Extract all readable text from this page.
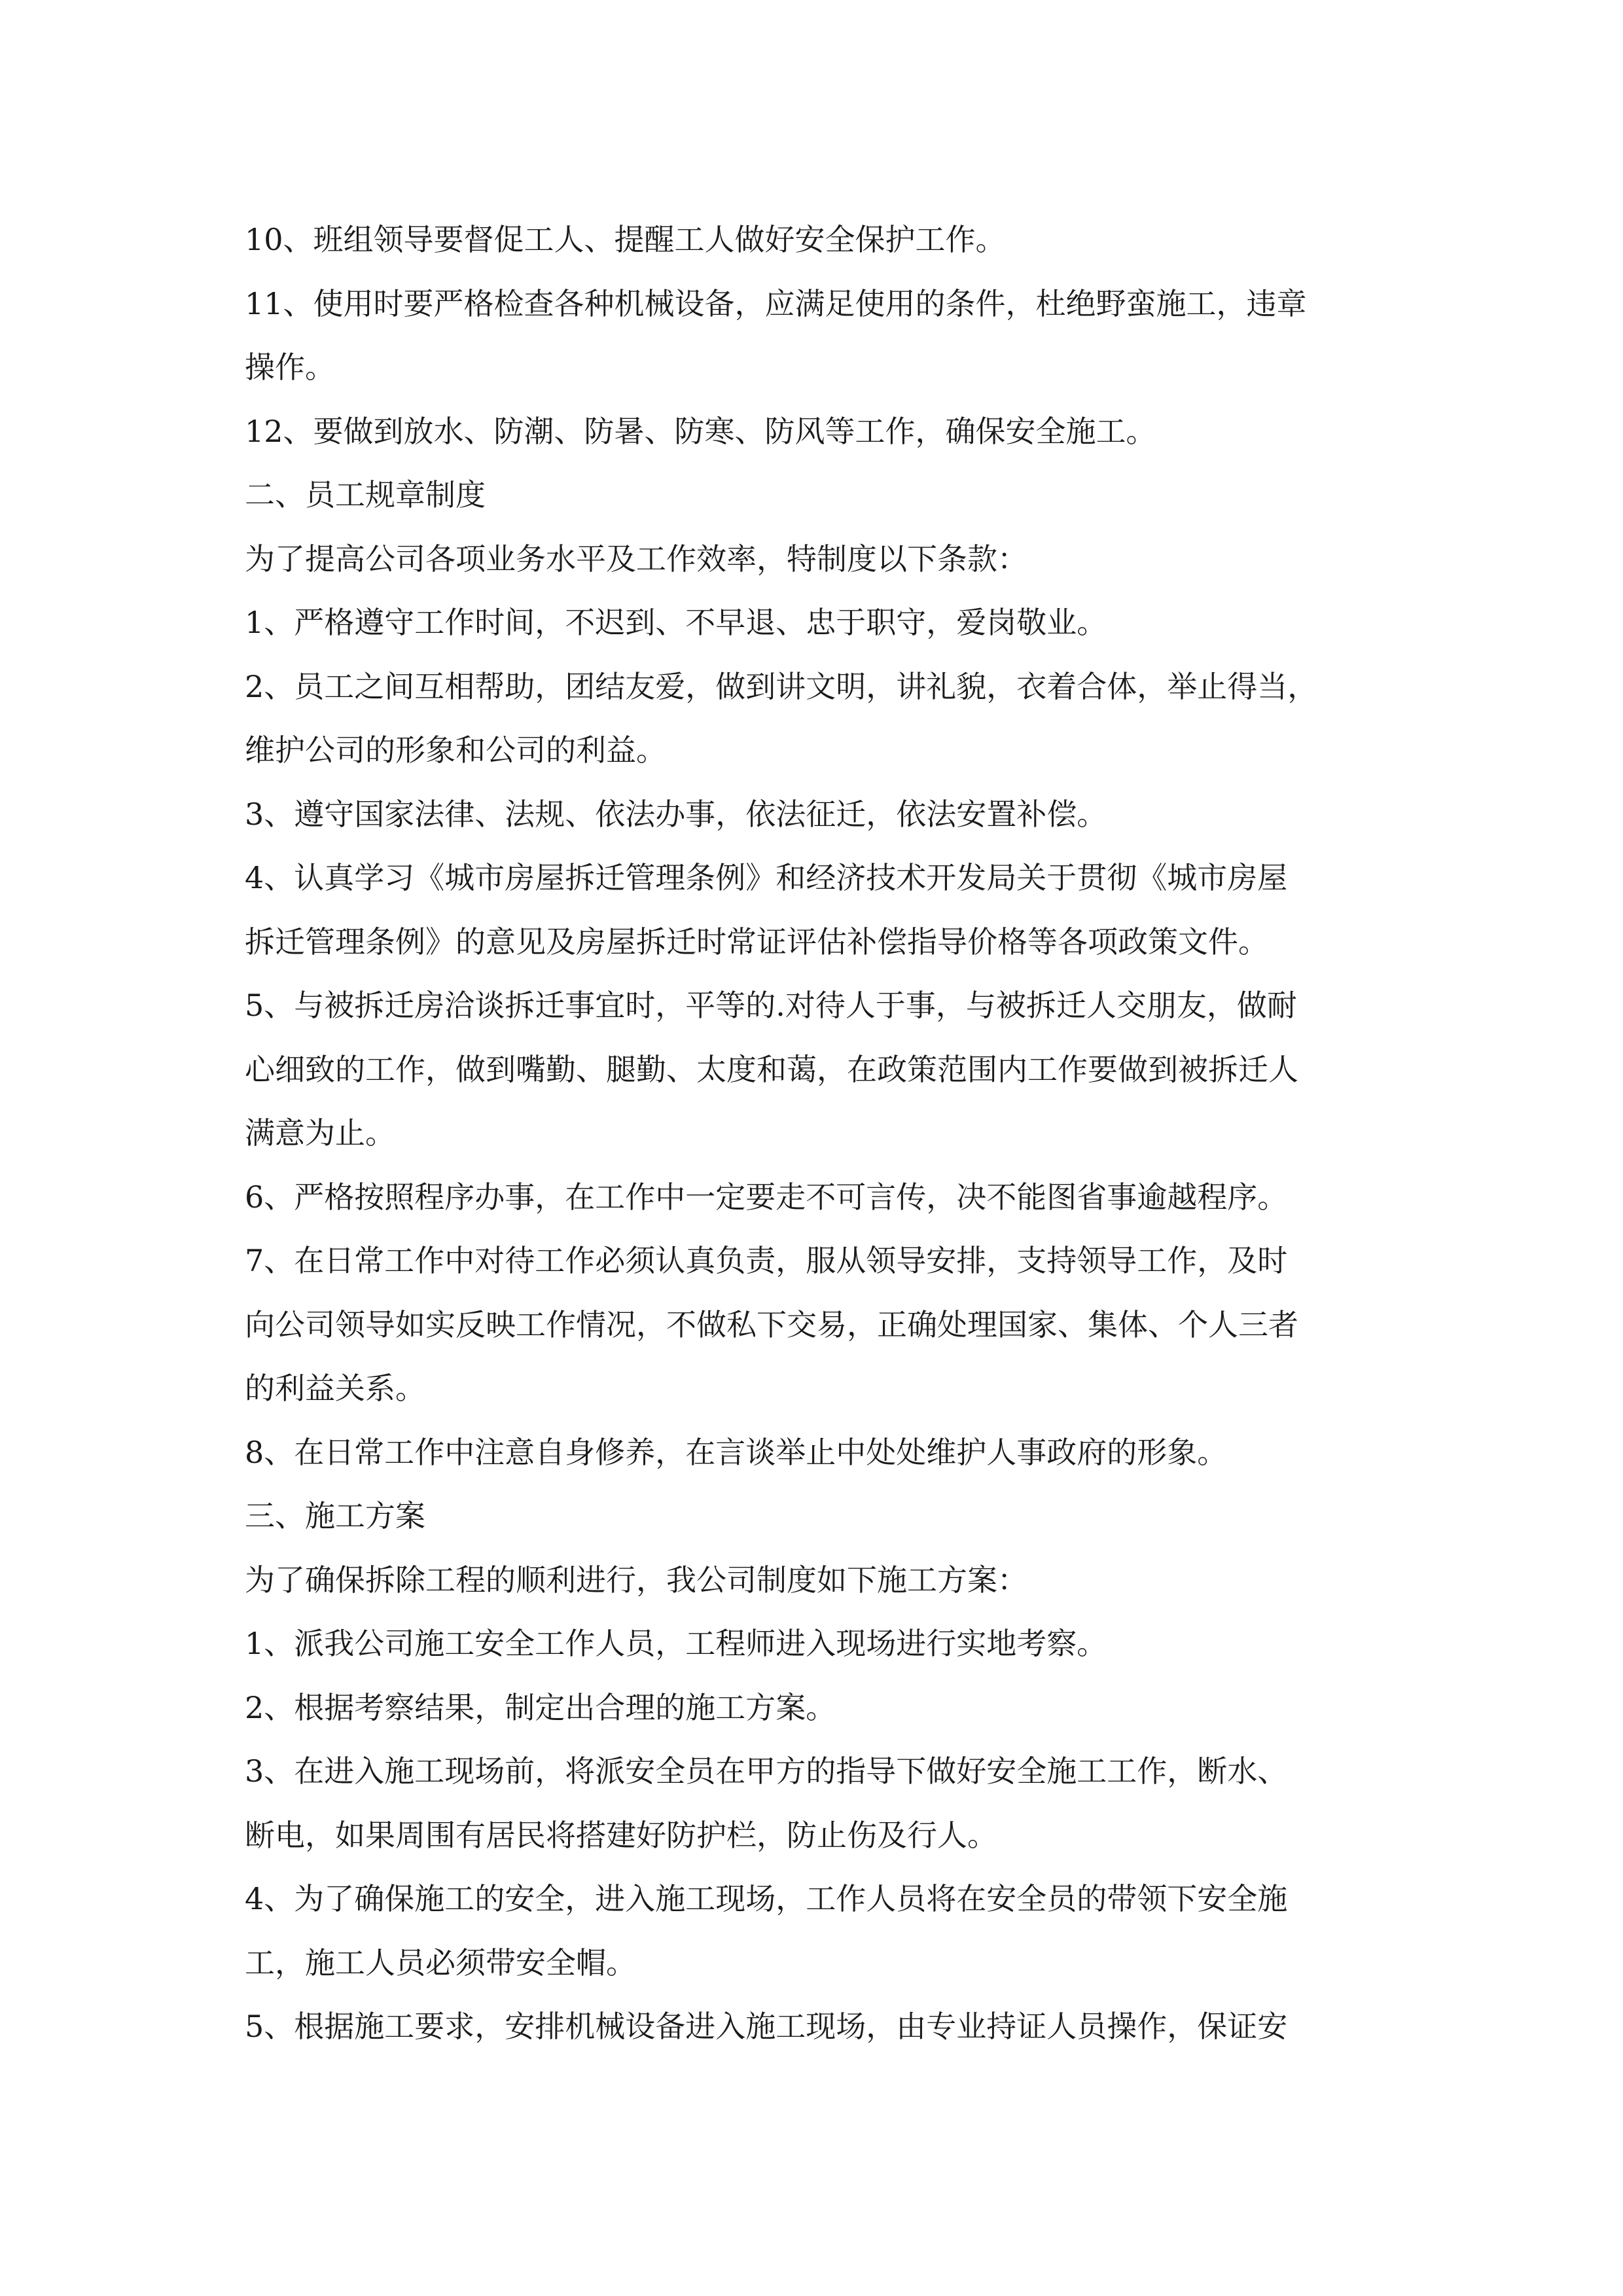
10、班组领导要督促工人、提醒工人做好安全保护工作。
11、使用时要严格检查各种机械设备，应满足使用的条件，杜绝野蛮施工，违章
操作。
12、要做到放水、防潮、防暑、防寒、防风等工作，确保安全施工。
二、员工规章制度
为了提高公司各项业务水平及工作效率，特制度以下条款：
1、严格遵守工作时间，不迟到、不早退、忠于职守，爱岗敬业。
2、员工之间互相帮助，团结友爱，做到讲文明，讲礼貌，衣着合体，举止得当，
维护公司的形象和公司的利益。
3、遵守国家法律、法规、依法办事，依法征迁，依法安置补偿。
4、认真学习《城市房屋拆迁管理条例》和经济技术开发局关于贯彻《城市房屋
拆迁管理条例》的意见及房屋拆迁时常证评估补偿指导价格等各项政策文件。
5、与被拆迁房洽谈拆迁事宜时，平等的.对待人于事，与被拆迁人交朋友，做耐
心细致的工作，做到嘴勤、腿勤、太度和蔼，在政策范围内工作要做到被拆迁人
满意为止。
6、严格按照程序办事，在工作中一定要走不可言传，决不能图省事逾越程序。
7、在日常工作中对待工作必须认真负责，服从领导安排，支持领导工作，及时
向公司领导如实反映工作情况，不做私下交易，正确处理国家、集体、个人三者
的利益关系。
8、在日常工作中注意自身修养，在言谈举止中处处维护人事政府的形象。
三、施工方案
为了确保拆除工程的顺利进行，我公司制度如下施工方案：
1、派我公司施工安全工作人员，工程师进入现场进行实地考察。
2、根据考察结果，制定出合理的施工方案。
3、在进入施工现场前，将派安全员在甲方的指导下做好安全施工工作，断水、
断电，如果周围有居民将搭建好防护栏，防止伤及行人。
4、为了确保施工的安全，进入施工现场，工作人员将在安全员的带领下安全施
工，施工人员必须带安全帽。
5、根据施工要求，安排机械设备进入施工现场，由专业持证人员操作，保证安
